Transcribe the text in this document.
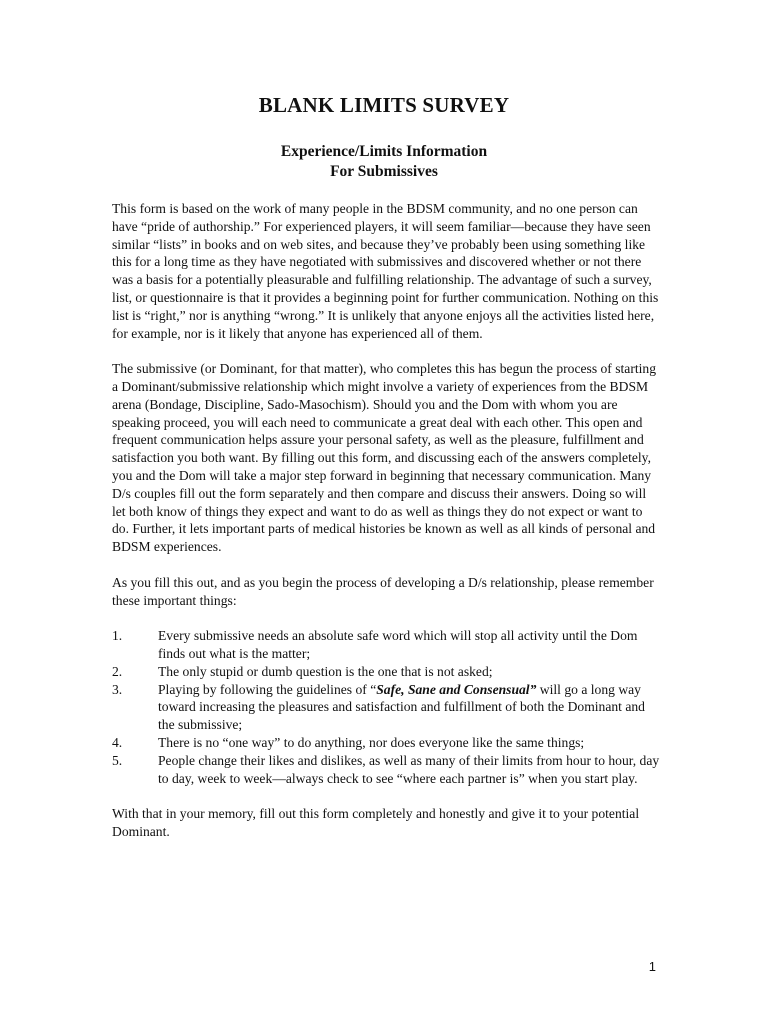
BLANK LIMITS SURVEY
Experience/Limits Information
For Submissives

This form is based on the work of many people in the BDSM community, and no one person can have “pride of authorship.” For experienced players, it will seem familiar—because they have seen similar “lists” in books and on web sites, and because they’ve probably been using something like this for a long time as they have negotiated with submissives and discovered whether or not there was a basis for a potentially pleasurable and fulfilling relationship. The advantage of such a survey, list, or questionnaire is that it provides a beginning point for further communication. Nothing on this list is “right,” nor is anything “wrong.” It is unlikely that anyone enjoys all the activities listed here, for example, nor is it likely that anyone has experienced all of them.

The submissive (or Dominant, for that matter), who completes this has begun the process of starting a Dominant/submissive relationship which might involve a variety of experiences from the BDSM arena (Bondage, Discipline, Sado-Masochism). Should you and the Dom with whom you are speaking proceed, you will each need to communicate a great deal with each other. This open and frequent communication helps assure your personal safety, as well as the pleasure, fulfillment and satisfaction you both want. By filling out this form, and discussing each of the answers completely, you and the Dom will take a major step forward in beginning that necessary communication. Many D/s couples fill out the form separately and then compare and discuss their answers. Doing so will let both know of things they expect and want to do as well as things they do not expect or want to do. Further, it lets important parts of medical histories be known as well as all kinds of personal and BDSM experiences.

As you fill this out, and as you begin the process of developing a D/s relationship, please remember these important things:

1.	Every submissive needs an absolute safe word which will stop all activity until the Dom finds out what is the matter;
2.	The only stupid or dumb question is the one that is not asked;
3.	Playing by following the guidelines of “Safe, Sane and Consensual” will go a long way toward increasing the pleasures and satisfaction and fulfillment of both the Dominant and the submissive;
4.	There is no “one way” to do anything, nor does everyone like the same things;
5.	People change their likes and dislikes, as well as many of their limits from hour to hour, day to day, week to week—always check to see “where each partner is” when you start play.

With that in your memory, fill out this form completely and honestly and give it to your potential Dominant.

1
